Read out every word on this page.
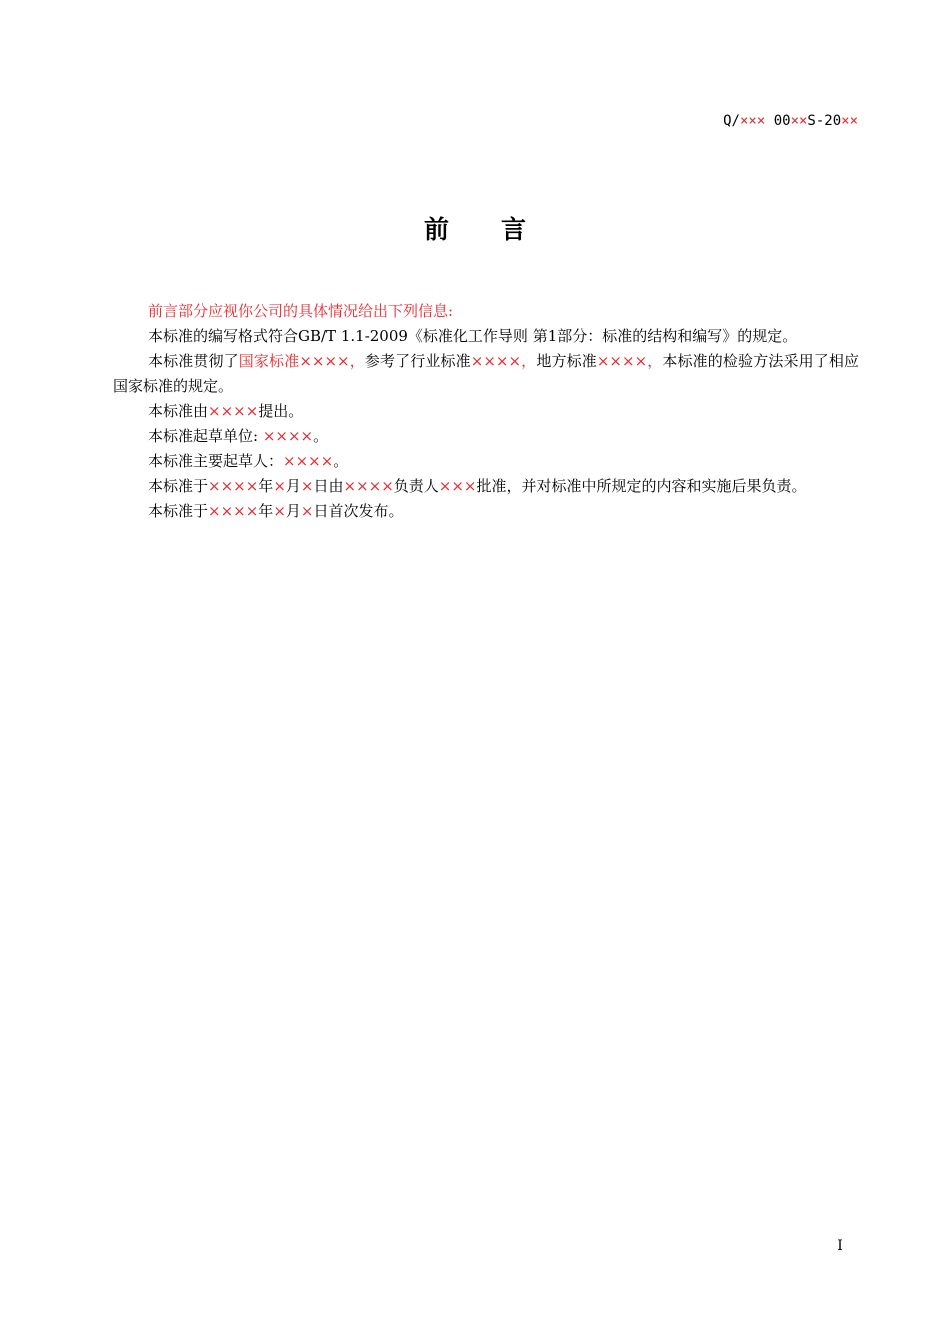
Q/××× 00××S-20××
前 言

前言部分应视你公司的具体情况给出下列信息:

本标准的编写格式符合GB/T 1.1-2009《标准化工作导则 第1部分：标准的结构和编写》的规定。

本标准贯彻了国家标准××××，参考了行业标准××××，地方标准××××，本标准的检验方法采用了相应国家标准的规定。

本标准由××××提出。

本标准起草单位: ××××。

本标准主要起草人：××××。

本标准于××××年×月×日由××××负责人×××批准，并对标准中所规定的内容和实施后果负责。

本标准于××××年×月×日首次发布。

I
